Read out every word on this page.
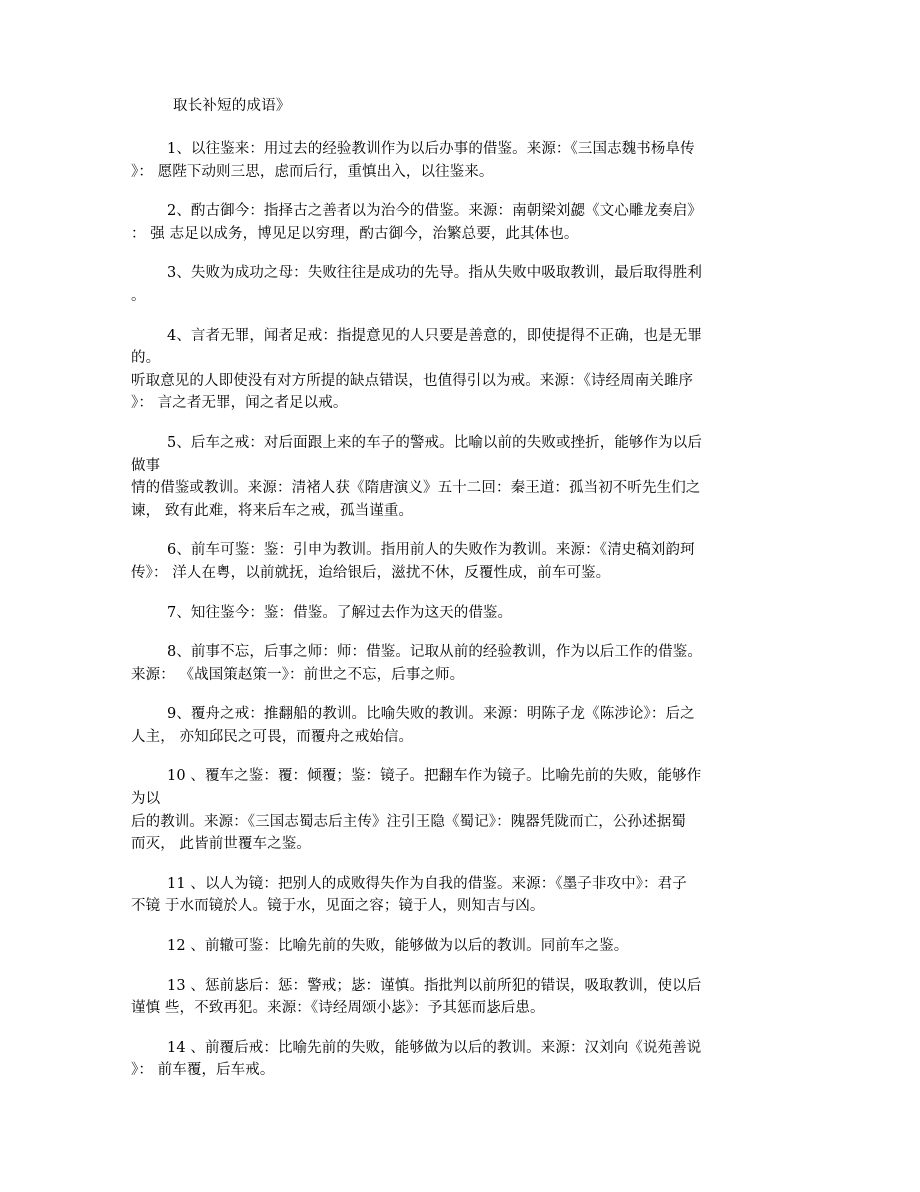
取长补短的成语》

1、以往鉴来：用过去的经验教训作为以后办事的借鉴。来源：《三国志魏书杨阜传
》： 愿陛下动则三思，虑而后行，重慎出入，以往鉴来。
2、酌古御今：指择古之善者以为治今的借鉴。来源：南朝梁刘勰《文心雕龙奏启》
： 强 志足以成务，博见足以穷理，酌古御今，治繁总要，此其体也。
3、失败为成功之母：失败往往是成功的先导。指从失败中吸取教训，最后取得胜利
。
4、言者无罪，闻者足戒：指提意见的人只要是善意的，即使提得不正确，也是无罪
的。
听取意见的人即使没有对方所提的缺点错误，也值得引以为戒。来源：《诗经周南关雎序
》： 言之者无罪，闻之者足以戒。
5、后车之戒：对后面跟上来的车子的警戒。比喻以前的失败或挫折，能够作为以后
做事
情的借鉴或教训。来源：清褚人获《隋唐演义》五十二回：秦王道：孤当初不听先生们之
谏， 致有此难，将来后车之戒，孤当谨重。
6、前车可鉴：鉴：引申为教训。指用前人的失败作为教训。来源：《清史稿刘韵珂
传》： 洋人在粤，以前就抚，迨给银后，滋扰不休，反覆性成，前车可鉴。
7、知往鉴今：鉴：借鉴。了解过去作为这天的借鉴。
8、前事不忘，后事之师：师：借鉴。记取从前的经验教训，作为以后工作的借鉴。
来源： 《战国策赵策一》：前世之不忘，后事之师。
9、覆舟之戒：推翻船的教训。比喻失败的教训。来源：明陈子龙《陈涉论》：后之
人主， 亦知邱民之可畏，而覆舟之戒始信。
10 、覆车之鉴：覆：倾覆；鉴：镜子。把翻车作为镜子。比喻先前的失败，能够作
为以
后的教训。来源：《三国志蜀志后主传》注引王隐《蜀记》：隗器凭陇而亡，公孙述据蜀
而灭， 此皆前世覆车之鉴。
11 、以人为镜：把别人的成败得失作为自我的借鉴。来源：《墨子非攻中》：君子
不镜 于水而镜於人。镜于水，见面之容；镜于人，则知吉与凶。
12 、前辙可鉴：比喻先前的失败，能够做为以后的教训。同前车之鉴。
13 、惩前毖后：惩：警戒；毖：谨慎。指批判以前所犯的错误，吸取教训，使以后
谨慎 些，不致再犯。来源：《诗经周颂小毖》：予其惩而毖后患。
14 、前覆后戒：比喻先前的失败，能够做为以后的教训。来源：汉刘向《说苑善说
》： 前车覆，后车戒。
